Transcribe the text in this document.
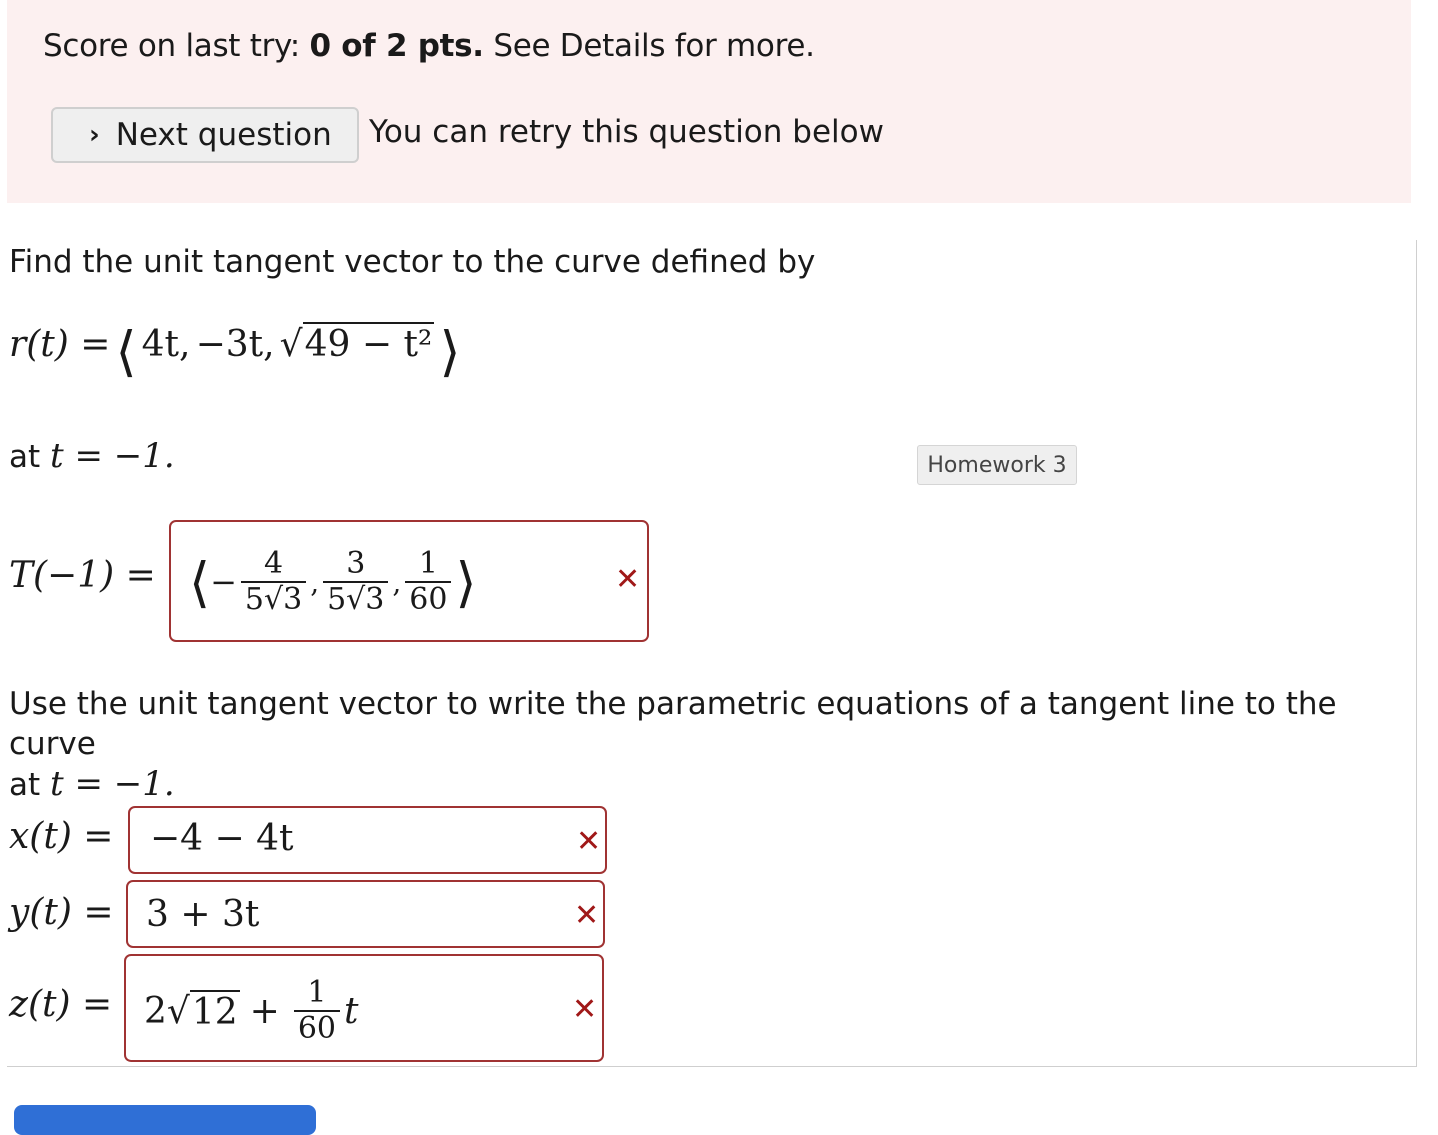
Score on last try: 0 of 2 pts. See Details for more.
› Next question You can retry this question below
Find the unit tangent vector to the curve defined by
r(t) = ⟨ 4t, −3t, √49 − t² ⟩
at t = −1.	Homework 3
T(−1) = ⟨ − $\frac{4}{5√3}$ , $\frac{3}{5√3}$ , $\frac{1}{60}$ ⟩	✕
Use the unit tangent vector to write the parametric equations of a tangent line to the curve
at t = −1.
x(t) = −4 − 4t	✕
y(t) = 3 + 3t	✕
z(t) = 2 √ $12 + \frac{1}{60}$ t	✕
